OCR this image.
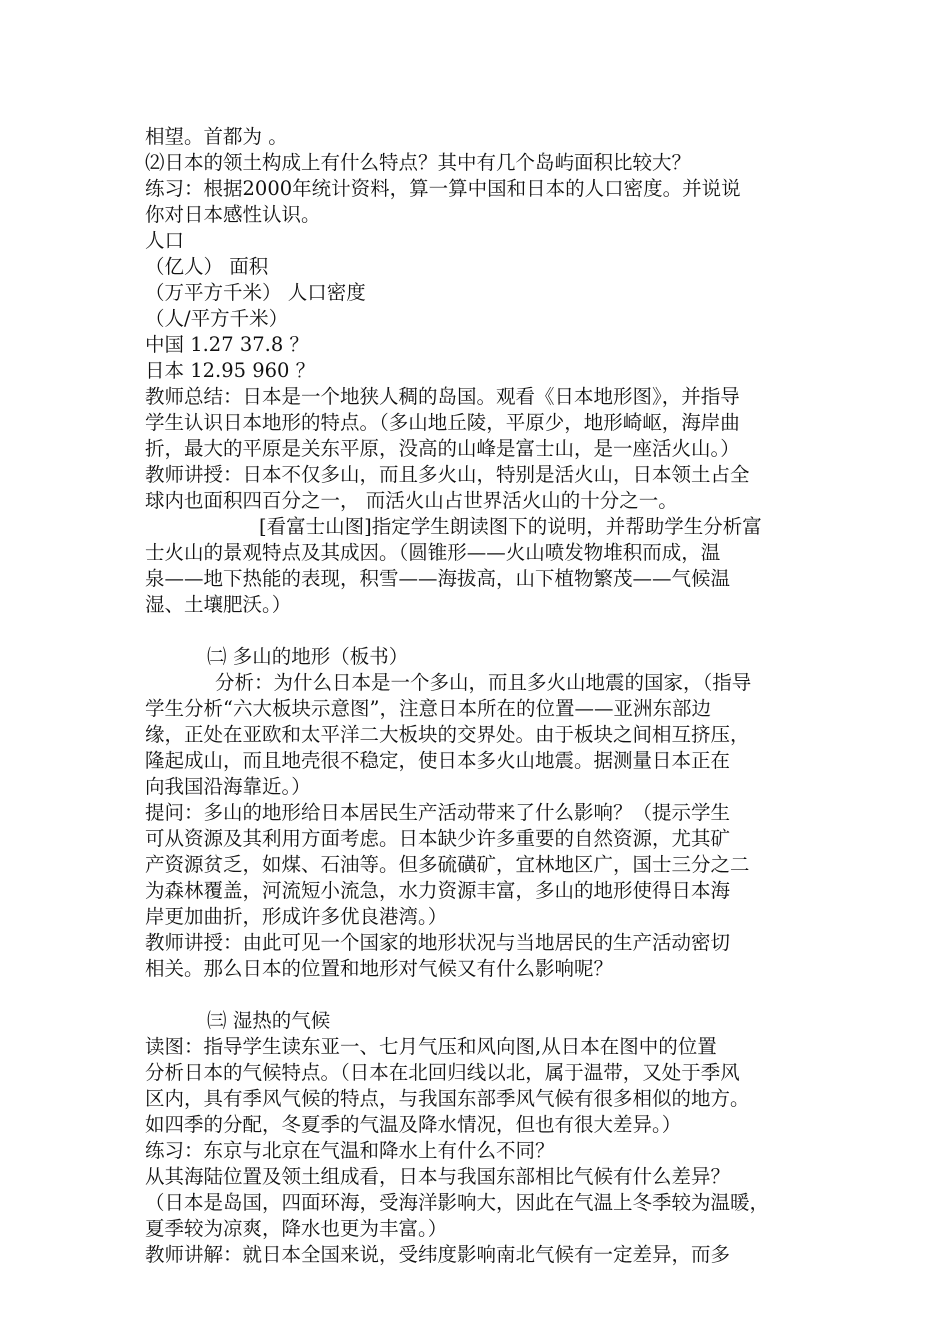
相望。首都为 。

⑵日本的领土构成上有什么特点？其中有几个岛屿面积比较大？

练习：根据2000年统计资料，算一算中国和日本的人口密度。并说说

你对日本感性认识。

人口

（亿人） 面积

（万平方千米） 人口密度

（人/平方千米）

中国 1.27 37.8 ？

日本 12.95 960 ？

教师总结：日本是一个地狭人稠的岛国。观看《日本地形图》，并指导

学生认识日本地形的特点。（多山地丘陵，平原少，地形崎岖，海岸曲

折，最大的平原是关东平原，没高的山峰是富士山，是一座活火山。）

教师讲授：日本不仅多山，而且多火山，特别是活火山，日本领土占全

球内也面积四百分之一， 而活火山占世界活火山的十分之一。

[看富士山图]指定学生朗读图下的说明，并帮助学生分析富

士火山的景观特点及其成因。（圆锥形——火山喷发物堆积而成，温

泉——地下热能的表现，积雪——海拔高，山下植物繁茂——气候温

湿、土壤肥沃。）

㈡ 多山的地形（板书）

分析：为什么日本是一个多山，而且多火山地震的国家，（指导

学生分析“六大板块示意图”，注意日本所在的位置——亚洲东部边

缘，正处在亚欧和太平洋二大板块的交界处。由于板块之间相互挤压，

隆起成山，而且地壳很不稳定，使日本多火山地震。据测量日本正在

向我国沿海靠近。）

提问：多山的地形给日本居民生产活动带来了什么影响？（提示学生

可从资源及其利用方面考虑。日本缺少许多重要的自然资源，尤其矿

产资源贫乏，如煤、石油等。但多硫磺矿，宜林地区广，国士三分之二

为森林覆盖，河流短小流急，水力资源丰富，多山的地形使得日本海

岸更加曲折，形成许多优良港湾。）

教师讲授：由此可见一个国家的地形状况与当地居民的生产活动密切

相关。那么日本的位置和地形对气候又有什么影响呢？

㈢ 湿热的气候

读图：指导学生读东亚一、七月气压和风向图,从日本在图中的位置

分析日本的气候特点。（日本在北回归线以北，属于温带，又处于季风

区内，具有季风气候的特点，与我国东部季风气候有很多相似的地方。

如四季的分配，冬夏季的气温及降水情况，但也有很大差异。）

练习：东京与北京在气温和降水上有什么不同？

从其海陆位置及领土组成看，日本与我国东部相比气候有什么差异？

（日本是岛国，四面环海，受海洋影响大，因此在气温上冬季较为温暖，

夏季较为凉爽，降水也更为丰富。）

教师讲解：就日本全国来说，受纬度影响南北气候有一定差异，而多
